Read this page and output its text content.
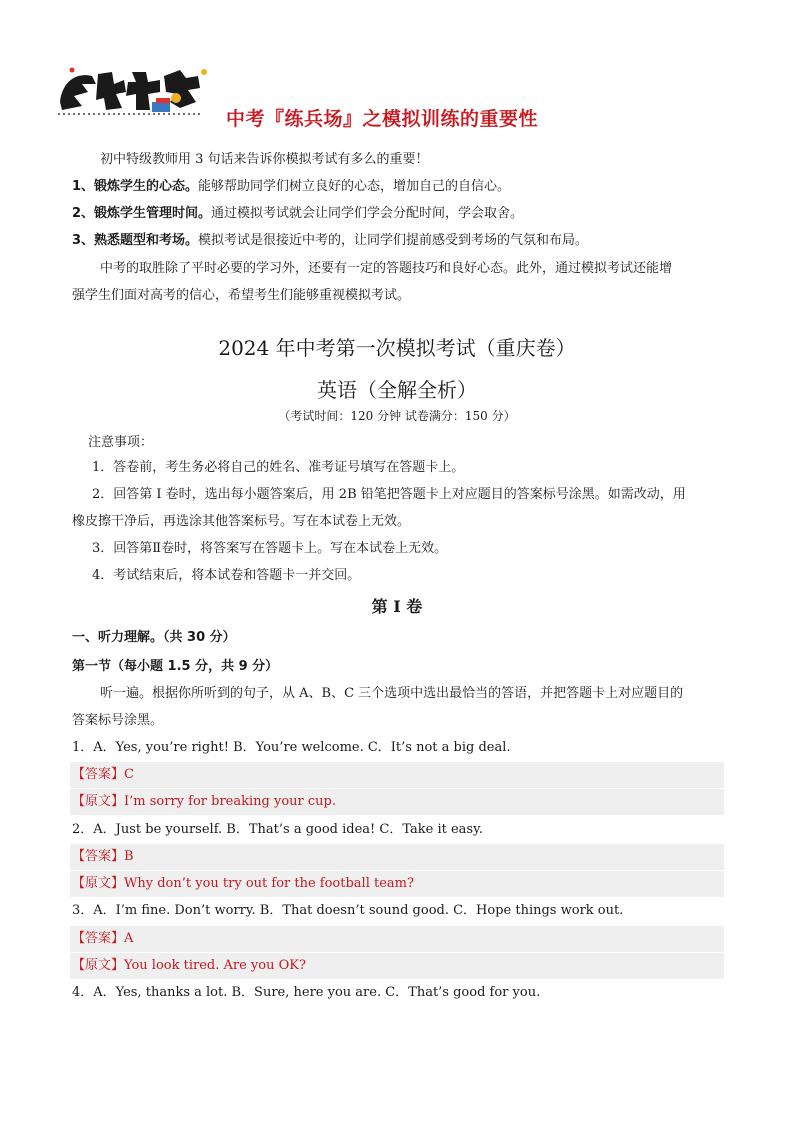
中考『练兵场』之模拟训练的重要性
初中特级教师用 3 句话来告诉你模拟考试有多么的重要！
1、锻炼学生的心态。能够帮助同学们树立良好的心态，增加自己的自信心。
2、锻炼学生管理时间。通过模拟考试就会让同学们学会分配时间，学会取舍。
3、熟悉题型和考场。模拟考试是很接近中考的，让同学们提前感受到考场的气氛和布局。
中考的取胜除了平时必要的学习外，还要有一定的答题技巧和良好心态。此外，通过模拟考试还能增
强学生们面对高考的信心，希望考生们能够重视模拟考试。
2024 年中考第一次模拟考试（重庆卷）
英语（全解全析）
（考试时间：120 分钟 试卷满分：150 分）
注意事项：
1．答卷前，考生务必将自己的姓名、准考证号填写在答题卡上。
2．回答第 I 卷时，选出每小题答案后，用 2B 铅笔把答题卡上对应题目的答案标号涂黑。如需改动，用
橡皮擦干净后，再选涂其他答案标号。写在本试卷上无效。
3．回答第Ⅱ卷时，将答案写在答题卡上。写在本试卷上无效。
4．考试结束后，将本试卷和答题卡一并交回。
第 I 卷
一、听力理解。（共 30 分）
第一节（每小题 1.5 分，共 9 分）
听一遍。根据你所听到的句子，从 A、B、C 三个选项中选出最恰当的答语，并把答题卡上对应题目的
答案标号涂黑。
1．A．Yes, you’re right! B．You’re welcome. C．It’s not a big deal.
【答案】C
【原文】I’m sorry for breaking your cup.
2．A．Just be yourself. B．That’s a good idea! C．Take it easy.
【答案】B
【原文】Why don’t you try out for the football team?
3．A．I’m fine. Don’t worry. B．That doesn’t sound good. C．Hope things work out.
【答案】A
【原文】You look tired. Are you OK?
4．A．Yes, thanks a lot. B．Sure, here you are. C．That’s good for you.
